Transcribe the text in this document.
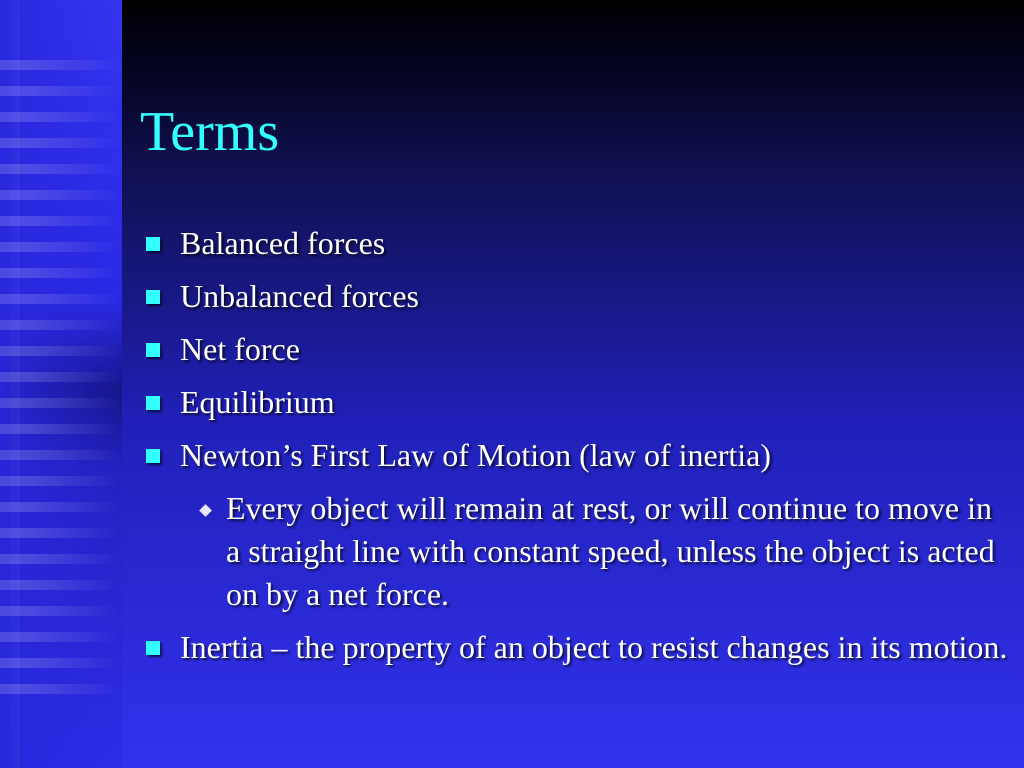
Terms
Balanced forces
Unbalanced forces
Net force
Equilibrium
Newton’s First Law of Motion (law of inertia)
Every object will remain at rest, or will continue to move in a straight line with constant speed, unless the object is acted on by a net force.
Inertia – the property of an object to resist changes in its motion.
